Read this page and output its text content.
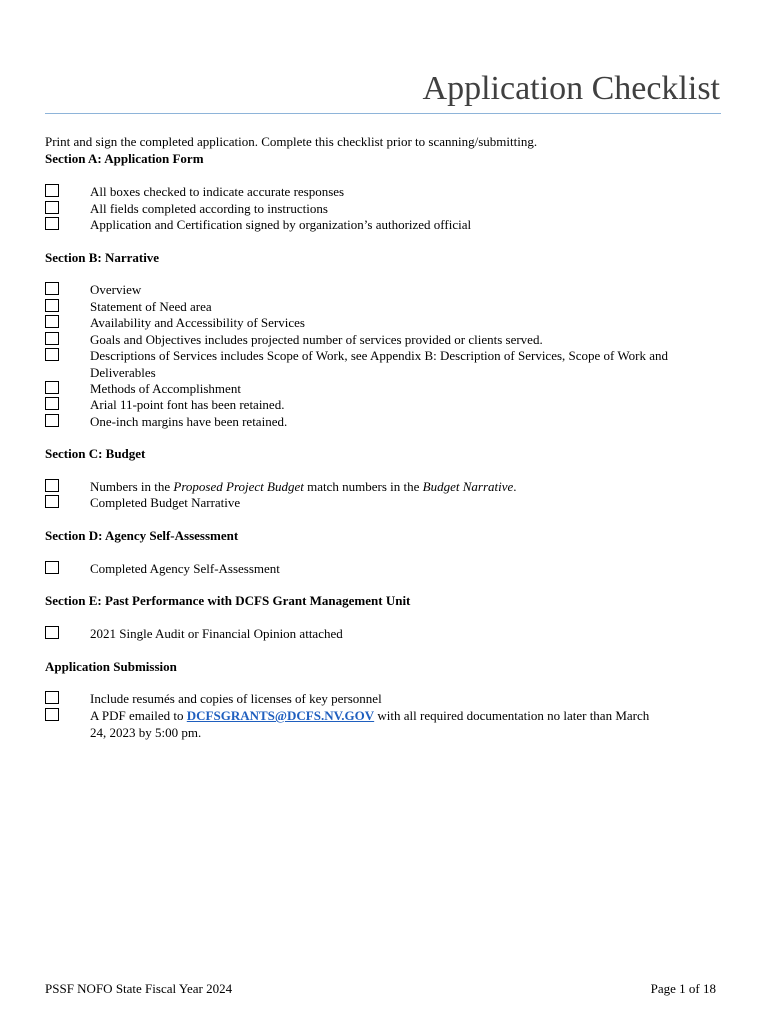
Application Checklist
Print and sign the completed application. Complete this checklist prior to scanning/submitting.
Section A: Application Form
All boxes checked to indicate accurate responses
All fields completed according to instructions
Application and Certification signed by organization’s authorized official
Section B: Narrative
Overview
Statement of Need area
Availability and Accessibility of Services
Goals and Objectives includes projected number of services provided or clients served.
Descriptions of Services includes Scope of Work, see Appendix B: Description of Services, Scope of Work and Deliverables
Methods of Accomplishment
Arial 11-point font has been retained.
One-inch margins have been retained.
Section C: Budget
Numbers in the Proposed Project Budget match numbers in the Budget Narrative.
Completed Budget Narrative
Section D: Agency Self-Assessment
Completed Agency Self-Assessment
Section E: Past Performance with DCFS Grant Management Unit
2021 Single Audit or Financial Opinion attached
Application Submission
Include resumés and copies of licenses of key personnel
A PDF emailed to DCFSGRANTS@DCFS.NV.GOV with all required documentation no later than March 24, 2023 by 5:00 pm.
PSSF NOFO State Fiscal Year 2024	Page 1 of 18
